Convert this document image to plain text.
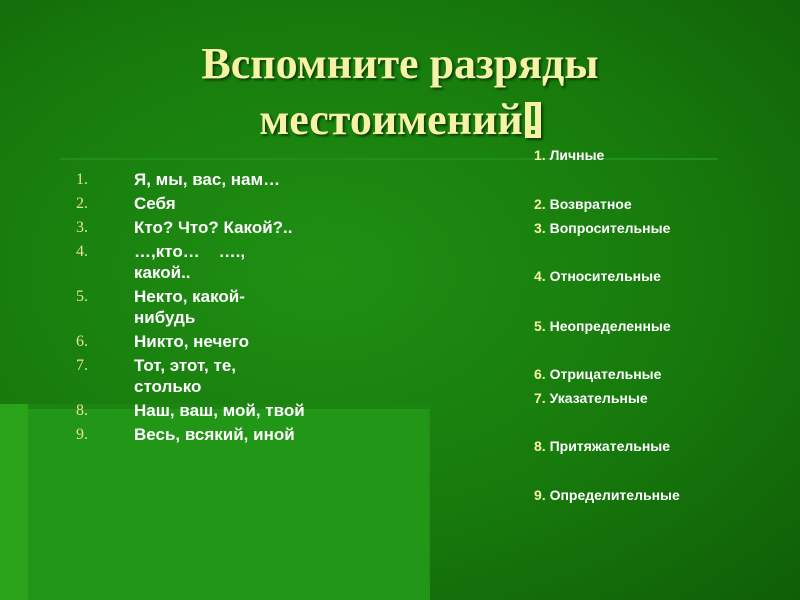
Вспомните разряды
местоимений
1.	Я, мы, вас, нам…
2.	Себя
3.	Кто? Что? Какой?..
4.	…,кто…    ….,
какой..
5.	Некто, какой-
нибудь
6.	Никто, нечего
7.	Тот, этот, те,
столько
8.	Наш, ваш, мой, твой
9.	Весь, всякий, иной
1. Личные
2. Возвратное
3. Вопросительные
4. Относительные
5. Неопределенные
6. Отрицательные
7. Указательные
8. Притяжательные
9. Определительные
